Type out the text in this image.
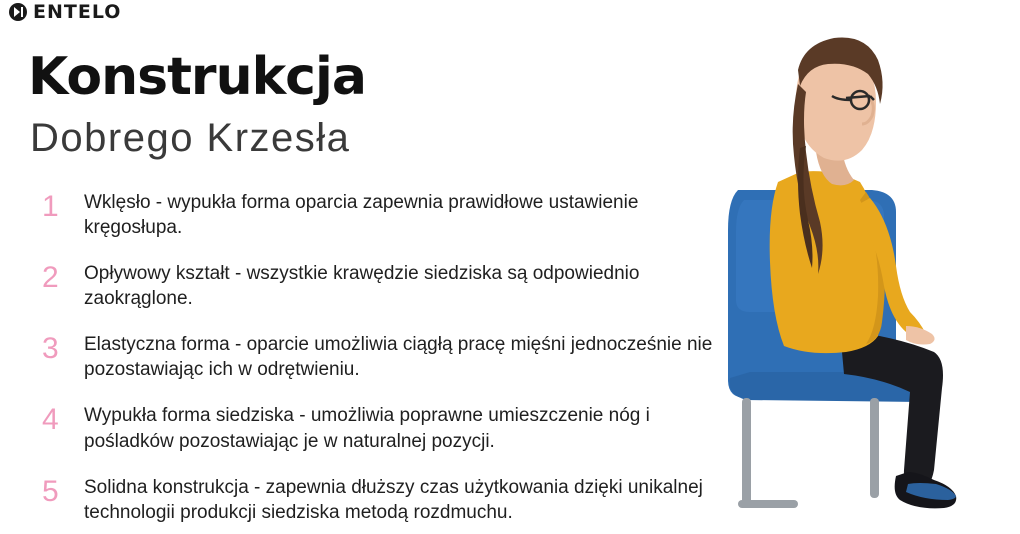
ENTELO
Konstrukcja
Dobrego Krzesła
1	Wklęsło - wypukła forma oparcia zapewnia prawidłowe ustawienie kręgosłupa.
2	Opływowy kształt - wszystkie krawędzie siedziska są odpowiednio zaokrąglone.
3	Elastyczna forma - oparcie umożliwia ciągłą pracę mięśni jednocześnie nie pozostawiając ich w odrętwieniu.
4	Wypukła forma siedziska - umożliwia poprawne umieszczenie nóg i pośladków pozostawiając je w naturalnej pozycji.
5	Solidna konstrukcja - zapewnia dłuższy czas użytkowania dzięki unikalnej technologii produkcji siedziska metodą rozdmuchu.
